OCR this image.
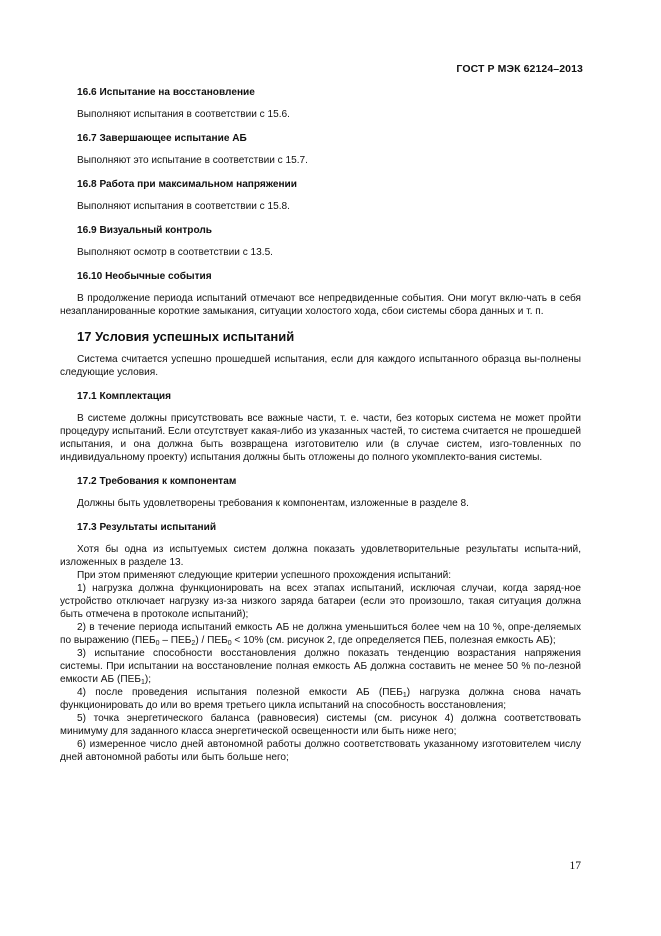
ГОСТ Р МЭК 62124–2013
16.6 Испытание на восстановление

Выполняют испытания в соответствии с 15.6.

16.7 Завершающее испытание АБ

Выполняют это испытание в соответствии с 15.7.

16.8 Работа при максимальном напряжении

Выполняют испытания в соответствии с 15.8.

16.9 Визуальный контроль

Выполняют осмотр в соответствии с 13.5.

16.10 Необычные события

В продолжение периода испытаний отмечают все непредвиденные события. Они могут вклю-чать в себя незапланированные короткие замыкания, ситуации холостого хода, сбои системы сбора данных и т. п.

17 Условия успешных испытаний

Система считается успешно прошедшей испытания, если для каждого испытанного образца вы-полнены следующие условия.

17.1 Комплектация

В системе должны присутствовать все важные части, т. е. части, без которых система не может пройти процедуру испытаний. Если отсутствует какая-либо из указанных частей, то система считается не прошедшей испытания, и она должна быть возвращена изготовителю или (в случае систем, изго-товленных по индивидуальному проекту) испытания должны быть отложены до полного укомплекто-вания системы.

17.2 Требования к компонентам

Должны быть удовлетворены требования к компонентам, изложенные в разделе 8.

17.3 Результаты испытаний

Хотя бы одна из испытуемых систем должна показать удовлетворительные результаты испыта-ний, изложенных в разделе 13.

При этом применяют следующие критерии успешного прохождения испытаний:

1) нагрузка должна функционировать на всех этапах испытаний, исключая случаи, когда заряд-ное устройство отключает нагрузку из-за низкого заряда батареи (если это произошло, такая ситуация должна быть отмечена в протоколе испытаний);

2) в течение периода испытаний емкость АБ не должна уменьшиться более чем на 10 %, опре-деляемых по выражению $(ПЕБ_0 - ПЕБ_2) / ПЕБ_0 < 10\%$ (см. рисунок 2, где определяется ПЕБ, полезная емкость АБ);

3) испытание способности восстановления должно показать тенденцию возрастания напряжения системы. При испытании на восстановление полная емкость АБ должна составить не менее 50 % по-лезной емкости АБ $(ПЕБ_1)$;

4) после проведения испытания полезной емкости АБ $(ПЕБ_1)$ нагрузка должна снова начать функционировать до или во время третьего цикла испытаний на способность восстановления;

5) точка энергетического баланса (равновесия) системы (см. рисунок 4) должна соответствовать минимуму для заданного класса энергетической освещенности или быть ниже него;

6) измеренное число дней автономной работы должно соответствовать указанному изготовителем числу дней автономной работы или быть больше него;

17
